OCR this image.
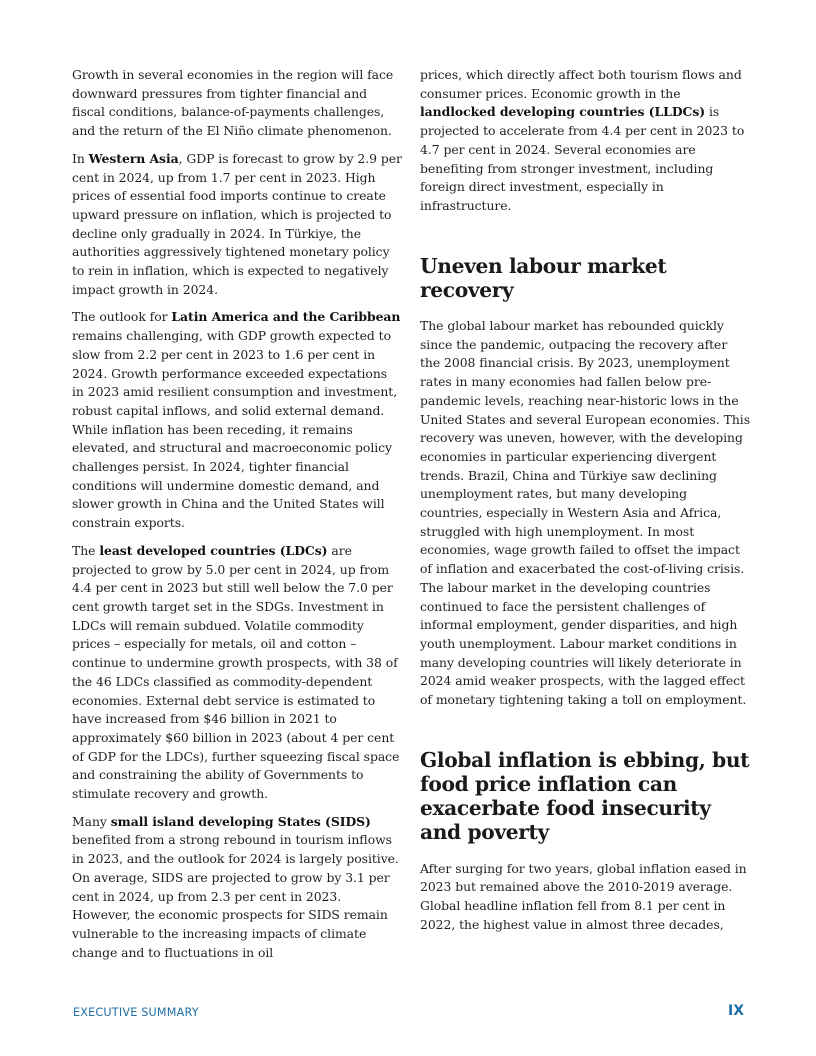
Growth in several economies in the region will face downward pressures from tighter financial and fiscal conditions, balance-of-payments challenges, and the return of the El Niño climate phenomenon.

In Western Asia, GDP is forecast to grow by 2.9 per cent in 2024, up from 1.7 per cent in 2023. High prices of essential food imports continue to create upward pressure on inflation, which is projected to decline only gradually in 2024. In Türkiye, the authorities aggressively tightened monetary policy to rein in inflation, which is expected to negatively impact growth in 2024.

The outlook for Latin America and the Caribbean remains challenging, with GDP growth expected to slow from 2.2 per cent in 2023 to 1.6 per cent in 2024. Growth performance exceeded expectations in 2023 amid resilient consumption and investment, robust capital inflows, and solid external demand. While inflation has been receding, it remains elevated, and structural and macroeconomic policy challenges persist. In 2024, tighter financial conditions will undermine domestic demand, and slower growth in China and the United States will constrain exports.

The least developed countries (LDCs) are projected to grow by 5.0 per cent in 2024, up from 4.4 per cent in 2023 but still well below the 7.0 per cent growth target set in the SDGs. Investment in LDCs will remain subdued. Volatile commodity prices – especially for metals, oil and cotton – continue to undermine growth prospects, with 38 of the 46 LDCs classified as commodity-dependent economies. External debt service is estimated to have increased from $46 billion in 2021 to approximately $60 billion in 2023 (about 4 per cent of GDP for the LDCs), further squeezing fiscal space and constraining the ability of Governments to stimulate recovery and growth.

Many small island developing States (SIDS) benefited from a strong rebound in tourism inflows in 2023, and the outlook for 2024 is largely positive. On average, SIDS are projected to grow by 3.1 per cent in 2024, up from 2.3 per cent in 2023. However, the economic prospects for SIDS remain vulnerable to the increasing impacts of climate change and to fluctuations in oil

prices, which directly affect both tourism flows and consumer prices. Economic growth in the landlocked developing countries (LLDCs) is projected to accelerate from 4.4 per cent in 2023 to 4.7 per cent in 2024. Several economies are benefiting from stronger investment, including foreign direct investment, especially in infrastructure.

Uneven labour market recovery

The global labour market has rebounded quickly since the pandemic, outpacing the recovery after the 2008 financial crisis. By 2023, unemployment rates in many economies had fallen below pre-pandemic levels, reaching near-historic lows in the United States and several European economies. This recovery was uneven, however, with the developing economies in particular experiencing divergent trends. Brazil, China and Türkiye saw declining unemployment rates, but many developing countries, especially in Western Asia and Africa, struggled with high unemployment. In most economies, wage growth failed to offset the impact of inflation and exacerbated the cost-of-living crisis. The labour market in the developing countries continued to face the persistent challenges of informal employment, gender disparities, and high youth unemployment. Labour market conditions in many developing countries will likely deteriorate in 2024 amid weaker prospects, with the lagged effect of monetary tightening taking a toll on employment.

Global inflation is ebbing, but food price inflation can exacerbate food insecurity and poverty

After surging for two years, global inflation eased in 2023 but remained above the 2010-2019 average. Global headline inflation fell from 8.1 per cent in 2022, the highest value in almost three decades,

EXECUTIVE SUMMARY	IX
